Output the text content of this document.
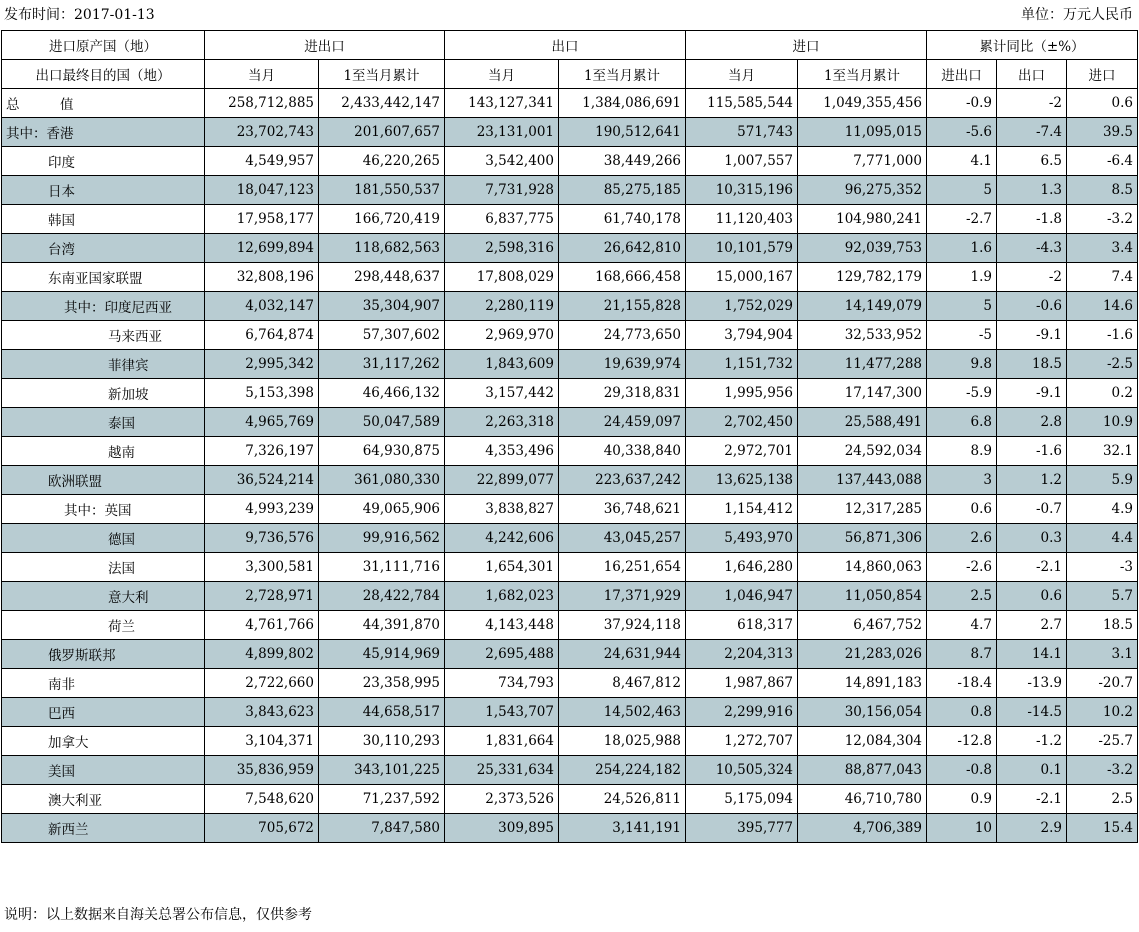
发布时间：2017-01-13	单位：万元人民币
进口原产国（地）	进出口		出口		进口		累计同比（±%）		
出口最终目的国（地）	当月	1至当月累计	当月	1至当月累计	当月	1至当月累计	进出口	出口	进口
总　　　值	258,712,885	2,433,442,147	143,127,341	1,384,086,691	115,585,544	1,049,355,456	-0.9	-2	0.6
其中：香港	23,702,743	201,607,657	23,131,001	190,512,641	571,743	11,095,015	-5.6	-7.4	39.5
印度	4,549,957	46,220,265	3,542,400	38,449,266	1,007,557	7,771,000	4.1	6.5	-6.4
日本	18,047,123	181,550,537	7,731,928	85,275,185	10,315,196	96,275,352	5	1.3	8.5
韩国	17,958,177	166,720,419	6,837,775	61,740,178	11,120,403	104,980,241	-2.7	-1.8	-3.2
台湾	12,699,894	118,682,563	2,598,316	26,642,810	10,101,579	92,039,753	1.6	-4.3	3.4
东南亚国家联盟	32,808,196	298,448,637	17,808,029	168,666,458	15,000,167	129,782,179	1.9	-2	7.4
其中：印度尼西亚	4,032,147	35,304,907	2,280,119	21,155,828	1,752,029	14,149,079	5	-0.6	14.6
马来西亚	6,764,874	57,307,602	2,969,970	24,773,650	3,794,904	32,533,952	-5	-9.1	-1.6
菲律宾	2,995,342	31,117,262	1,843,609	19,639,974	1,151,732	11,477,288	9.8	18.5	-2.5
新加坡	5,153,398	46,466,132	3,157,442	29,318,831	1,995,956	17,147,300	-5.9	-9.1	0.2
泰国	4,965,769	50,047,589	2,263,318	24,459,097	2,702,450	25,588,491	6.8	2.8	10.9
越南	7,326,197	64,930,875	4,353,496	40,338,840	2,972,701	24,592,034	8.9	-1.6	32.1
欧洲联盟	36,524,214	361,080,330	22,899,077	223,637,242	13,625,138	137,443,088	3	1.2	5.9
其中：英国	4,993,239	49,065,906	3,838,827	36,748,621	1,154,412	12,317,285	0.6	-0.7	4.9
德国	9,736,576	99,916,562	4,242,606	43,045,257	5,493,970	56,871,306	2.6	0.3	4.4
法国	3,300,581	31,111,716	1,654,301	16,251,654	1,646,280	14,860,063	-2.6	-2.1	-3
意大利	2,728,971	28,422,784	1,682,023	17,371,929	1,046,947	11,050,854	2.5	0.6	5.7
荷兰	4,761,766	44,391,870	4,143,448	37,924,118	618,317	6,467,752	4.7	2.7	18.5
俄罗斯联邦	4,899,802	45,914,969	2,695,488	24,631,944	2,204,313	21,283,026	8.7	14.1	3.1
南非	2,722,660	23,358,995	734,793	8,467,812	1,987,867	14,891,183	-18.4	-13.9	-20.7
巴西	3,843,623	44,658,517	1,543,707	14,502,463	2,299,916	30,156,054	0.8	-14.5	10.2
加拿大	3,104,371	30,110,293	1,831,664	18,025,988	1,272,707	12,084,304	-12.8	-1.2	-25.7
美国	35,836,959	343,101,225	25,331,634	254,224,182	10,505,324	88,877,043	-0.8	0.1	-3.2
澳大利亚	7,548,620	71,237,592	2,373,526	24,526,811	5,175,094	46,710,780	0.9	-2.1	2.5
新西兰	705,672	7,847,580	309,895	3,141,191	395,777	4,706,389	10	2.9	15.4
说明：以上数据来自海关总署公布信息，仅供参考
